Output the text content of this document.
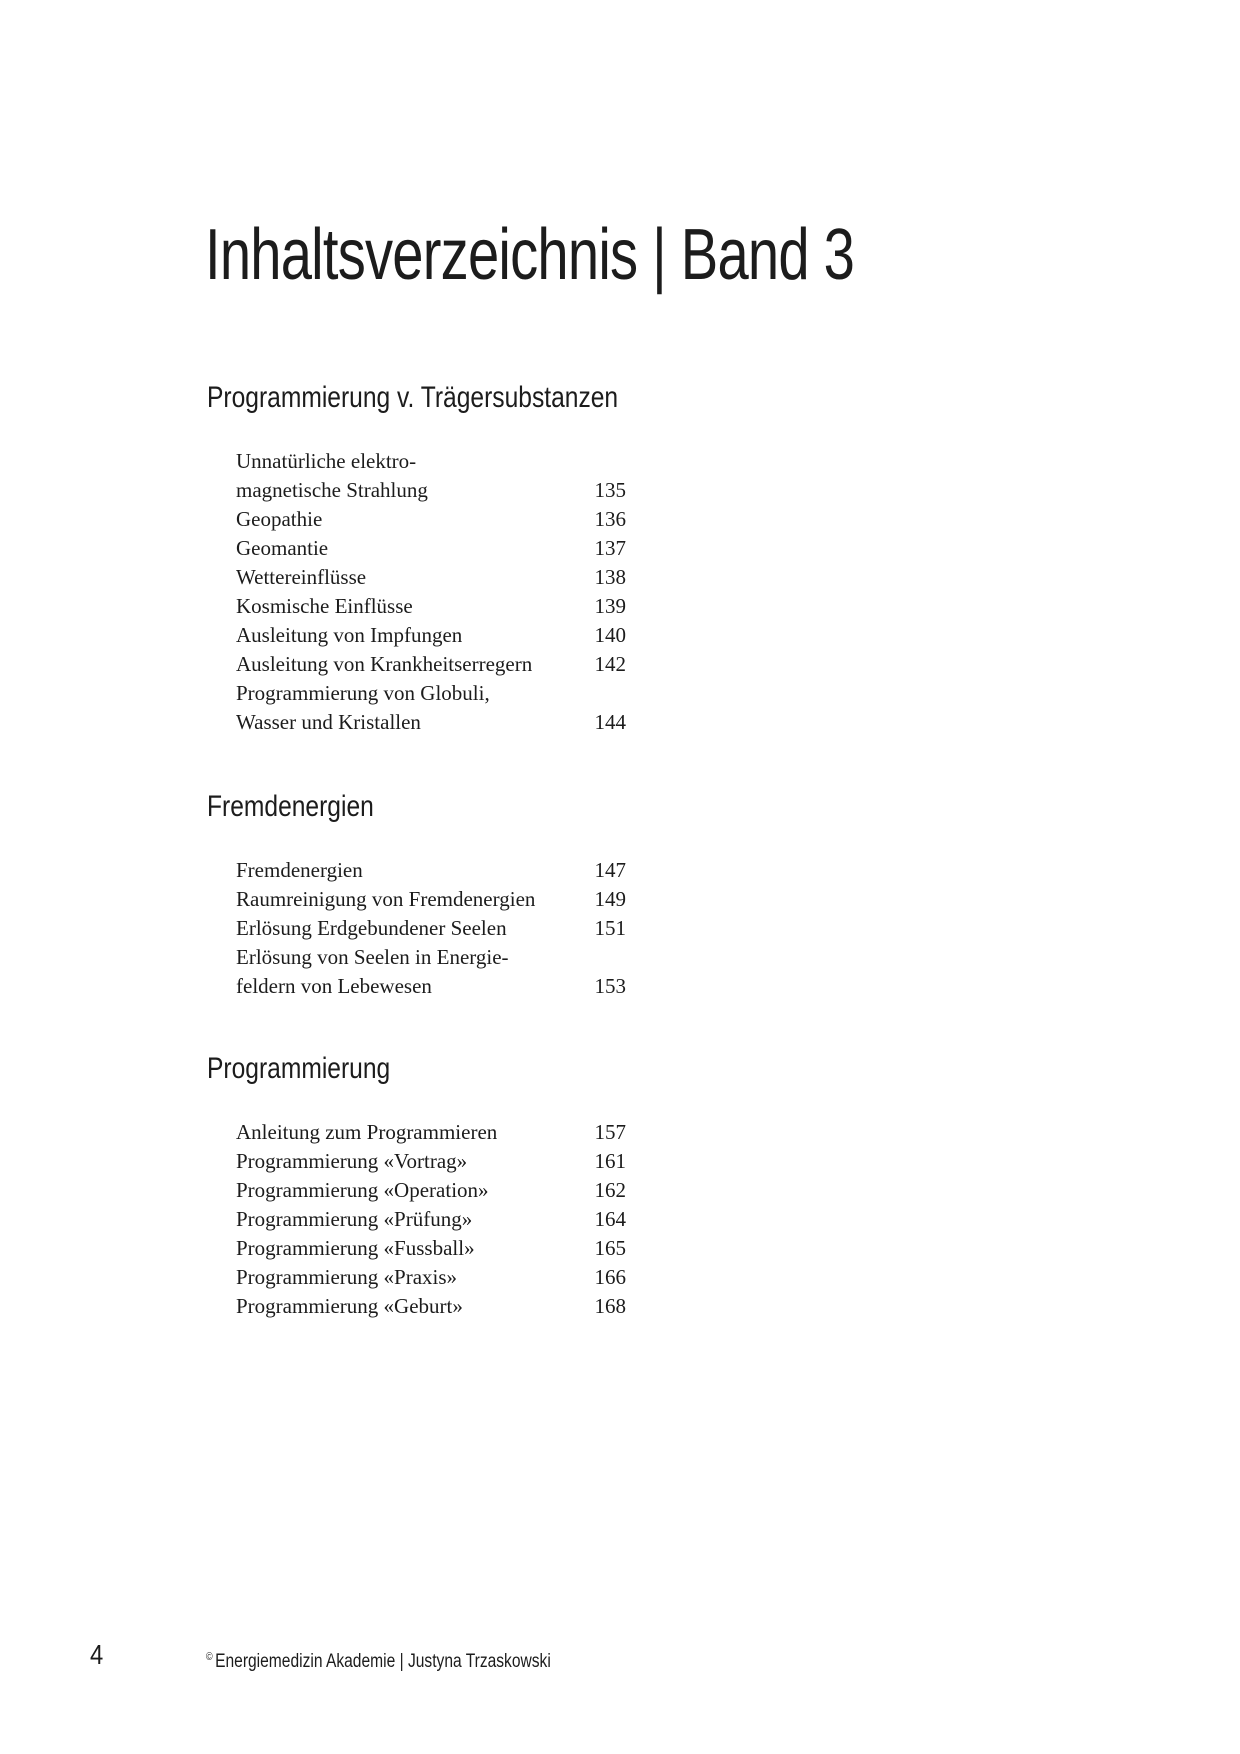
Inhaltsverzeichnis | Band 3
Programmierung v. Trägersubstanzen
Unnatürliche elektro-
magnetische Strahlung	135
Geopathie	136
Geomantie	137
Wettereinflüsse	138
Kosmische Einflüsse	139
Ausleitung von Impfungen	140
Ausleitung von Krankheitserregern	142
Programmierung von Globuli,
Wasser und Kristallen	144
Fremdenergien
Fremdenergien	147
Raumreinigung von Fremdenergien	149
Erlösung Erdgebundener Seelen	151
Erlösung von Seelen in Energie-
feldern von Lebewesen	153
Programmierung
Anleitung zum Programmieren	157
Programmierung «Vortrag»	161
Programmierung «Operation»	162
Programmierung «Prüfung»	164
Programmierung «Fussball»	165
Programmierung «Praxis»	166
Programmierung «Geburt»	168
4	© Energiemedizin Akademie | Justyna Trzaskowski
